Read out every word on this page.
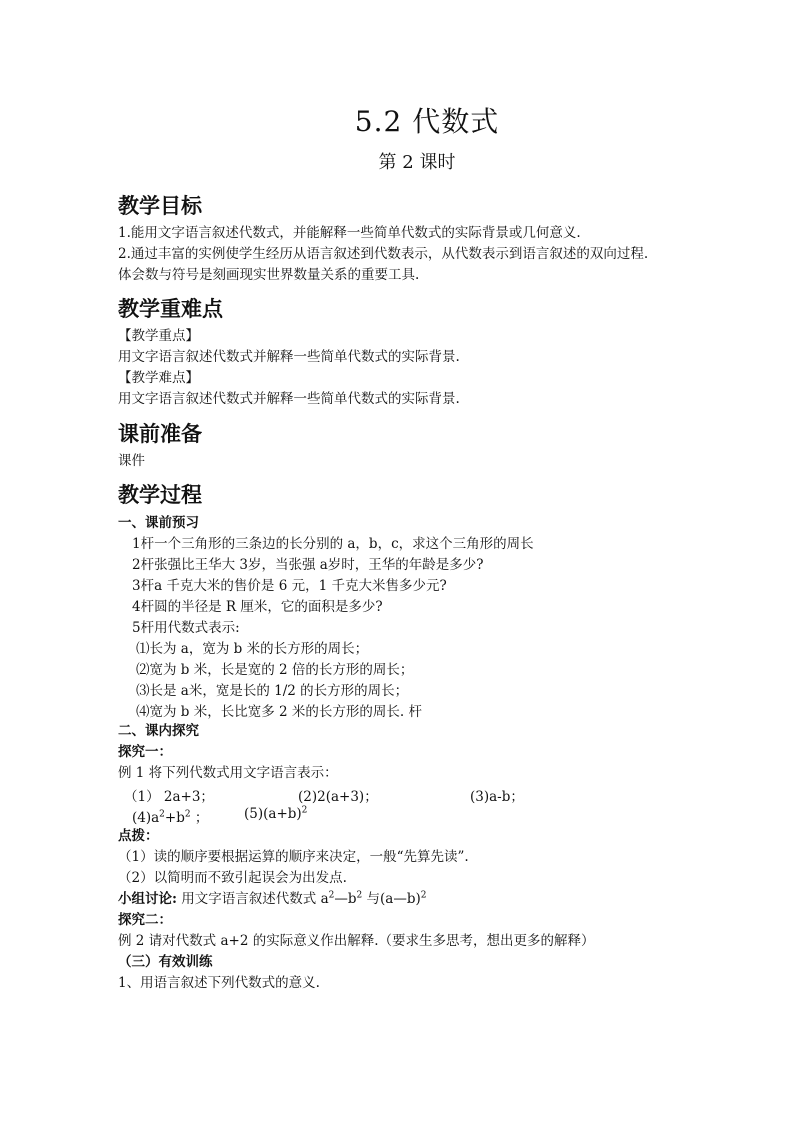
5.2 代数式
第 2 课时
教学目标
1.能用文字语言叙述代数式，并能解释一些简单代数式的实际背景或几何意义.
2.通过丰富的实例使学生经历从语言叙述到代数表示，从代数表示到语言叙述的双向过程.
体会数与符号是刻画现实世界数量关系的重要工具.
教学重难点
【教学重点】
用文字语言叙述代数式并解释一些简单代数式的实际背景.
【教学难点】
用文字语言叙述代数式并解释一些简单代数式的实际背景.
课前准备
课件
教学过程
一、课前预习
1杆一个三角形的三条边的长分别的 a，b，c，求这个三角形的周长
2杆张强比王华大 3岁，当张强 a岁时，王华的年龄是多少?
3杆a 千克大米的售价是 6 元，1 千克大米售多少元?
4杆圆的半径是 R 厘米，它的面积是多少?
5杆用代数式表示:
⑴长为 a，宽为 b 米的长方形的周长；
⑵宽为 b 米，长是宽的 2 倍的长方形的周长；
⑶长是 a米，宽是长的 1/2 的长方形的周长；
⑷宽为 b 米，长比宽多 2 米的长方形的周长. 杆
二、课内探究
探究一：
例 1 将下列代数式用文字语言表示：
（1） 2a+3；	(2)2(a+3)；	(3)a-b；
$(4)a^2+b^2$ ；	$(5)(a+b)^2$
点拨：
（1）读的顺序要根据运算的顺序来决定，一般“先算先读”.
（2）以简明而不致引起误会为出发点.
小组讨论: 用文字语言叙述代数式 $a^2—b^2$ 与(a—b)$^2$
探究二：
例 2 请对代数式 a+2 的实际意义作出解释.（要求生多思考，想出更多的解释）
（三）有效训练
1、用语言叙述下列代数式的意义.
